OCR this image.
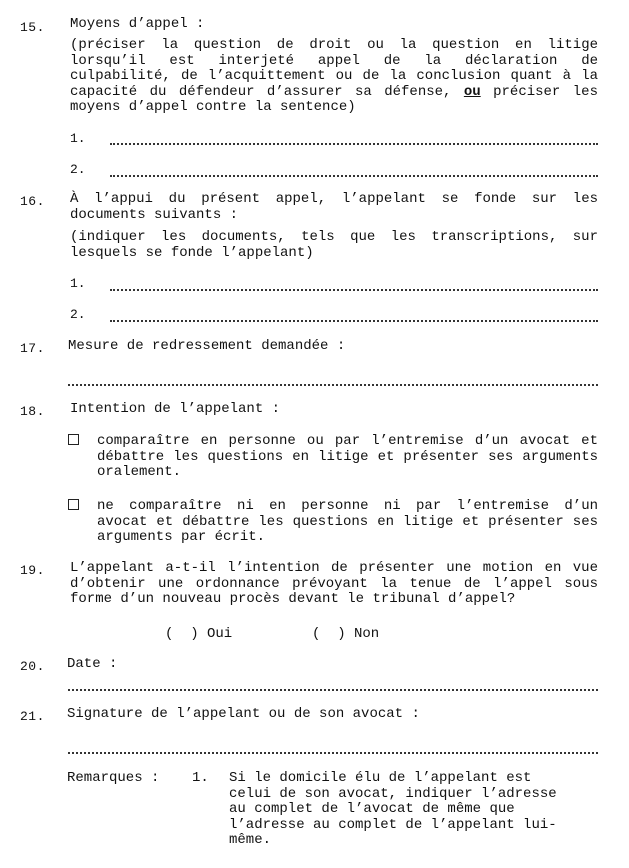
15. Moyens d’appel :
(préciser la question de droit ou la question en litige lorsqu’il est interjeté appel de la déclaration de culpabilité, de l’acquittement ou de la conclusion quant à la capacité du défendeur d’assurer sa défense, ou préciser les moyens d’appel contre la sentence)
1.
2.
16. À l’appui du présent appel, l’appelant se fonde sur les documents suivants :
(indiquer les documents, tels que les transcriptions, sur lesquels se fonde l’appelant)
1.
2.
17. Mesure de redressement demandée :
18. Intention de l’appelant :
comparaître en personne ou par l’entremise d’un avocat et débattre les questions en litige et présenter ses arguments oralement.
ne comparaître ni en personne ni par l’entremise d’un avocat et débattre les questions en litige et présenter ses arguments par écrit.
19. L’appelant a-t-il l’intention de présenter une motion en vue d’obtenir une ordonnance prévoyant la tenue de l’appel sous forme d’un nouveau procès devant le tribunal d’appel?
(  ) Oui	(  ) Non
20. Date :
21. Signature de l’appelant ou de son avocat :
Remarques :	1.	Si le domicile élu de l’appelant est celui de son avocat, indiquer l’adresse au complet de l’avocat de même que l’adresse au complet de l’appelant lui-même.
